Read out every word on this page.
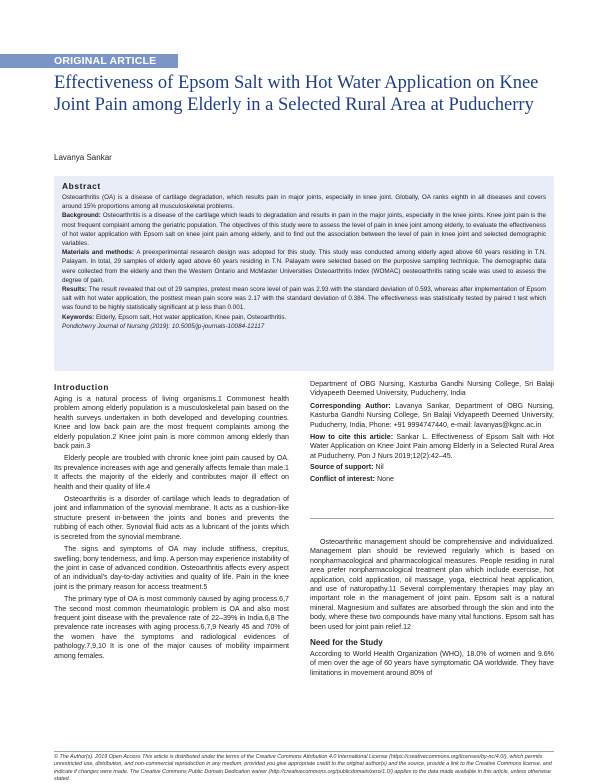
ORIGINAL ARTICLE
Effectiveness of Epsom Salt with Hot Water Application on Knee Joint Pain among Elderly in a Selected Rural Area at Puducherry
Lavanya Sankar
Abstract

Osteoarthritis (OA) is a disease of cartilage degradation, which results pain in major joints, especially in knee joint. Globally, OA ranks eighth in all diseases and covers around 15% proportions among all musculoskeletal problems.

Background: Osteoarthritis is a disease of the cartilage which leads to degradation and results in pain in the major joints, especially in the knee joints. Knee joint pain is the most frequent complaint among the geriatric population. The objectives of this study were to assess the level of pain in knee joint among elderly, to evaluate the effectiveness of hot water application with Epsom salt on knee joint pain among elderly, and to find out the association between the level of pain in knee joint and selected demographic variables.

Materials and methods: A preexperimental research design was adopted for this study. This study was conducted among elderly aged above 60 years residing in T.N. Palayam. In total, 29 samples of elderly aged above 60 years residing in T.N. Palayam were selected based on the purposive sampling technique. The demographic data were collected from the elderly and then the Western Ontario and McMaster Universities Osteoarthritis Index (WOMAC) oesteoarthritis rating scale was used to assess the degree of pain.

Results: The result revealed that out of 29 samples, pretest mean score level of pain was 2.93 with the standard deviation of 0.593, whereas after implementation of Epsom salt with hot water application, the posttest mean pain score was 2.17 with the standard deviation of 0.384. The effectiveness was statistically tested by paired t test which was found to be highly statistically significant at p less than 0.001.

Keywords: Elderly, Epsom salt, Hot water application, Knee pain, Osteoarthritis.

Pondicherry Journal of Nursing (2019): 10.5005/jp-journals-10084-12117

Introduction

Aging is a natural process of living organisms.1 Commonest health problem among elderly population is a musculoskeletal pain based on the health surveys undertaken in both developed and developing countries. Knee and low back pain are the most frequent complaints among the elderly population.2 Knee joint pain is more common among elderly than back pain.3

Elderly people are troubled with chronic knee joint pain caused by OA. Its prevalence increases with age and generally affects female than male.1 It affects the majority of the elderly and contributes major ill effect on health and their quality of life.4

Osteoarthritis is a disorder of cartilage which leads to degradation of joint and inflammation of the synovial membrane. It acts as a cushion-like structure present in-between the joints and bones and prevents the rubbing of each other. Synovial fluid acts as a lubricant of the joints which is secreted from the synovial membrane.

The signs and symptoms of OA may include stiffness, crepitus, swelling, bony tenderness, and limp. A person may experience instability of the joint in case of advanced condition. Osteoarthritis affects every aspect of an individual's day-to-day activities and quality of life. Pain in the knee joint is the primary reason for access treatment.5

The primary type of OA is most commonly caused by aging process.6,7 The second most common rheumatologic problem is OA and also most frequent joint disease with the prevalence rate of 22–39% in India.6,8 The prevalence rate increases with aging process.6,7,9 Nearly 45 and 70% of the women have the symptoms and radiological evidences of pathology.7,9,10 It is one of the major causes of mobility impairment among females.

Department of OBG Nursing, Kasturba Gandhi Nursing College, Sri Balaji Vidyapeeth Deemed University, Puducherry, India

Corresponding Author: Lavanya Sankar, Department of OBG Nursing, Kasturba Gandhi Nursing College, Sri Balaji Vidyapeeth Deemed University, Puducherry, India, Phone: +91 9994747440, e-mail: lavanyas@kgnc.ac.in

How to cite this article: Sankar L. Effectiveness of Epsom Salt with Hot Water Application on Knee Joint Pain among Elderly in a Selected Rural Area at Puducherry. Pon J Nurs 2019;12(2):42–45.

Source of support: Nil

Conflict of interest: None

Osteoarthritic management should be comprehensive and individualized. Management plan should be reviewed regularly which is based on nonpharmacological and pharmacological measures. People residing in rural area prefer nonpharmacological treatment plan which include exercise, hot application, cold application, oil massage, yoga, electrical heat application, and use of naturopathy.11 Several complementary therapies may play an important role in the management of joint pain. Epsom salt is a natural mineral. Magnesium and sulfates are absorbed through the skin and into the body, where these two compounds have many vital functions. Epsom salt has been used for joint pain relief.12

Need for the Study

According to World Health Organization (WHO), 18.0% of women and 9.6% of men over the age of 60 years have symptomatic OA worldwide. They have limitations in movement around 80% of

© The Author(s). 2019 Open Access This article is distributed under the terms of the Creative Commons Attribution 4.0 International License (https://creativecommons.org/licenses/by-nc/4.0/), which permits unrestricted use, distribution, and non-commercial reproduction in any medium, provided you give appropriate credit to the original author(s) and the source, provide a link to the Creative Commons license, and indicate if changes were made. The Creative Commons Public Domain Dedication waiver (http://creativecommons.org/publicdomain/zero/1.0/) applies to the data made available in this article, unless otherwise stated.
